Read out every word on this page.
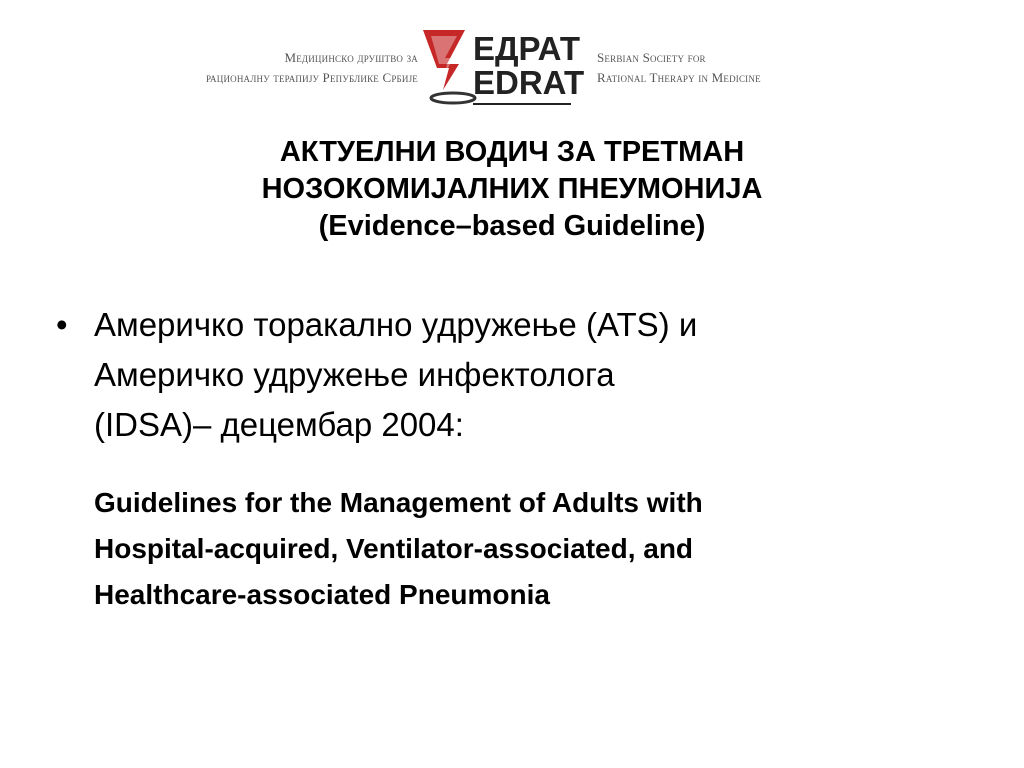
Медицинско друштво за
рационалну терапију Републике Србије
ЕДРАТ
EDRAT
Serbian Society for
Rational Therapy in Medicine
АКТУЕЛНИ ВОДИЧ ЗА ТРЕТМАН
НОЗОКОМИЈАЛНИХ ПНЕУМОНИЈА
(Evidence–based Guideline)
• Америчко торакално удружење (ATS) и
Америчко удружење инфектолога
(IDSA)– децембар 2004:
Guidelines for the Management of Adults with
Hospital-acquired, Ventilator-associated, and
Healthcare-associated Pneumonia
